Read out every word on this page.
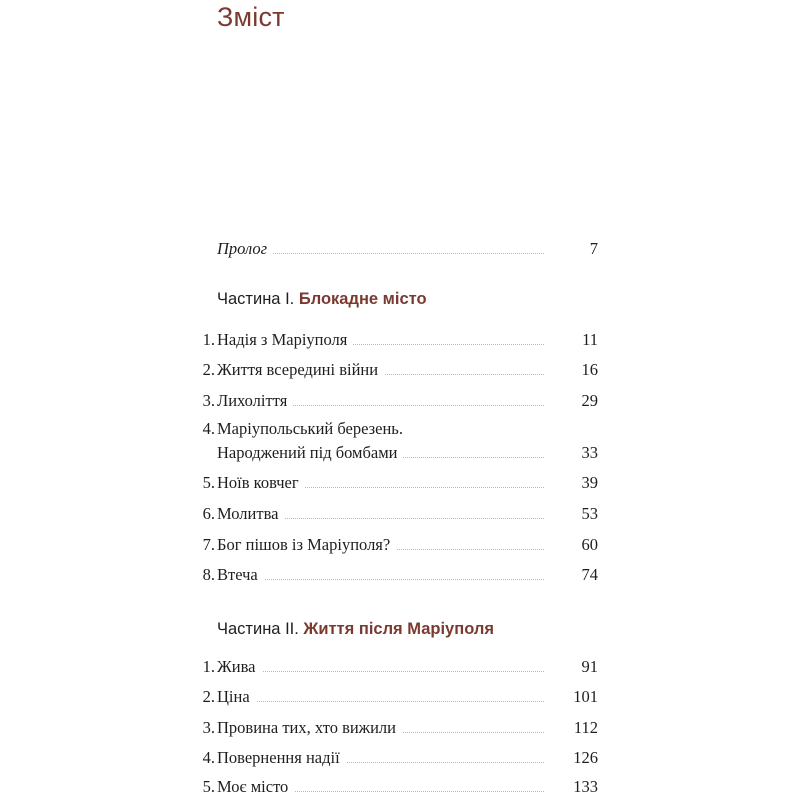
Зміст
Пролог	7
Частина І. Блокадне місто
1. Надія з Маріуполя	11
2. Життя всередині війни	16
3. Лихоліття	29
4. Маріупольський березень.
Народжений під бомбами	33
5. Ноїв ковчег	39
6. Молитва	53
7. Бог пішов із Маріуполя?	60
8. Втеча	74
Частина ІІ. Життя після Маріуполя
1. Жива	91
2. Ціна	101
3. Провина тих, хто вижили	112
4. Повернення надії	126
5. Моє місто	133
